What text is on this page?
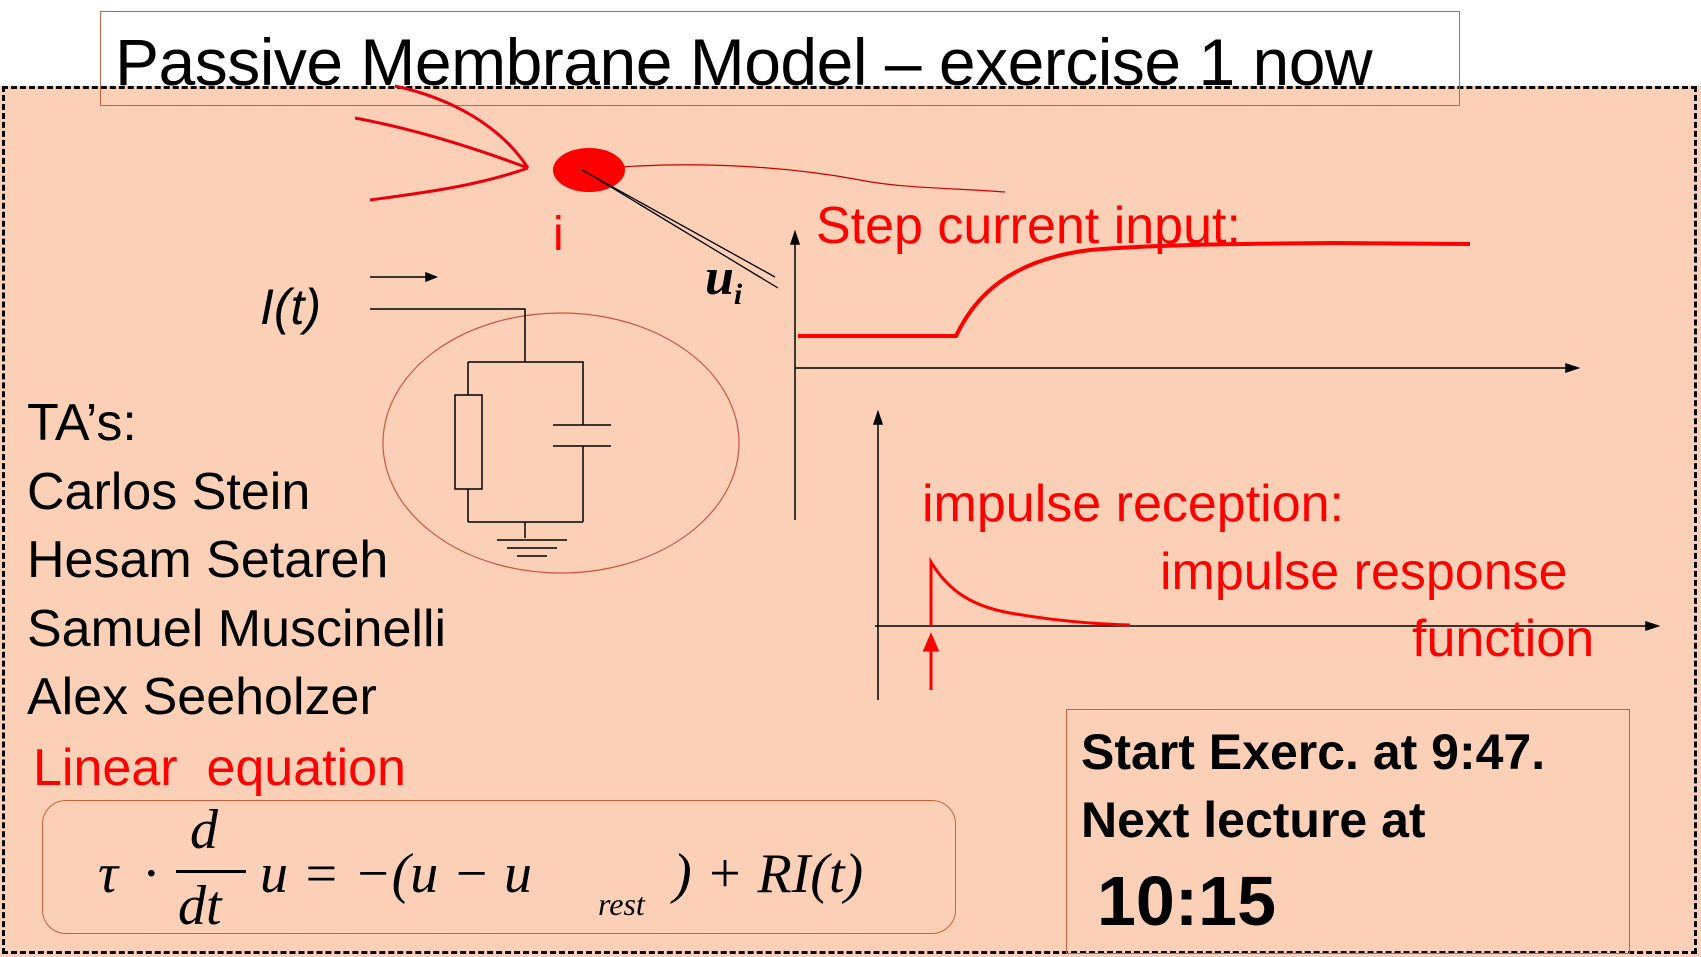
Passive Membrane Model – exercise 1 now
i
ui
I(t)
TA’s:
Carlos Stein
Hesam Setareh
Samuel Muscinelli
Alex Seeholzer
Linear  equation
τ ·
d
dt
u = −(u − u rest ) + RI(t)
Step current input:
impulse reception:
impulse response
function
Start Exerc. at 9:47.
Next lecture at
10:15
